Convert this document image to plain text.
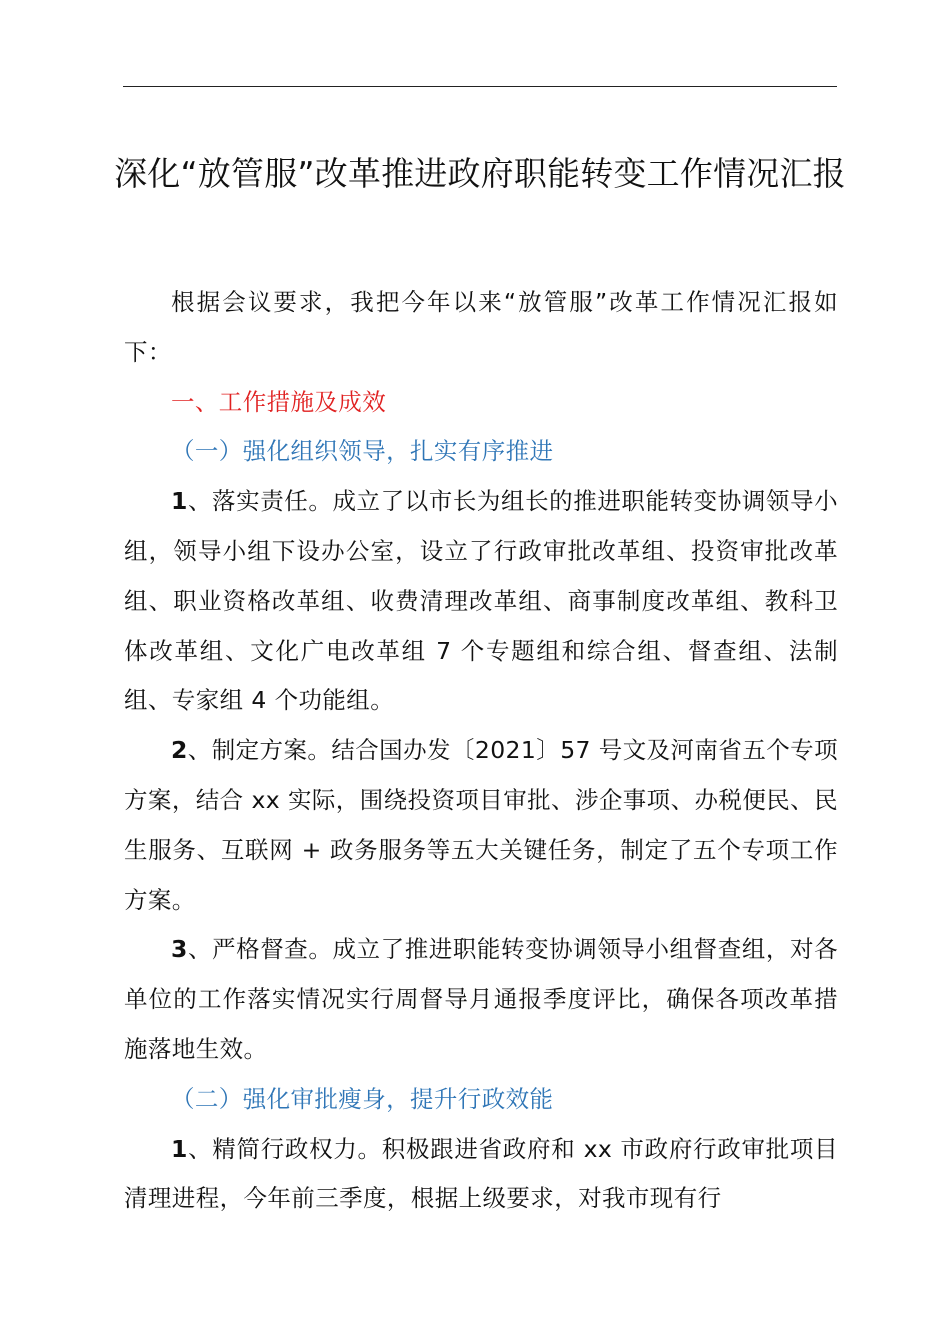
深化“放管服”改革推进政府职能转变工作情况汇报

根据会议要求，我把今年以来“放管服”改革工作情况汇报如下：

一、工作措施及成效

（一）强化组织领导，扎实有序推进

1、落实责任。成立了以市长为组长的推进职能转变协调领导小组，领导小组下设办公室，设立了行政审批改革组、投资审批改革组、职业资格改革组、收费清理改革组、商事制度改革组、教科卫体改革组、文化广电改革组 7 个专题组和综合组、督查组、法制组、专家组 4 个功能组。

2、制定方案。结合国办发〔2021〕57 号文及河南省五个专项方案，结合 xx 实际，围绕投资项目审批、涉企事项、办税便民、民生服务、互联网 + 政务服务等五大关键任务，制定了五个专项工作方案。

3、严格督查。成立了推进职能转变协调领导小组督查组，对各单位的工作落实情况实行周督导月通报季度评比，确保各项改革措施落地生效。

（二）强化审批瘦身，提升行政效能

1、精简行政权力。积极跟进省政府和 xx 市政府行政审批项目清理进程，今年前三季度，根据上级要求，对我市现有行
